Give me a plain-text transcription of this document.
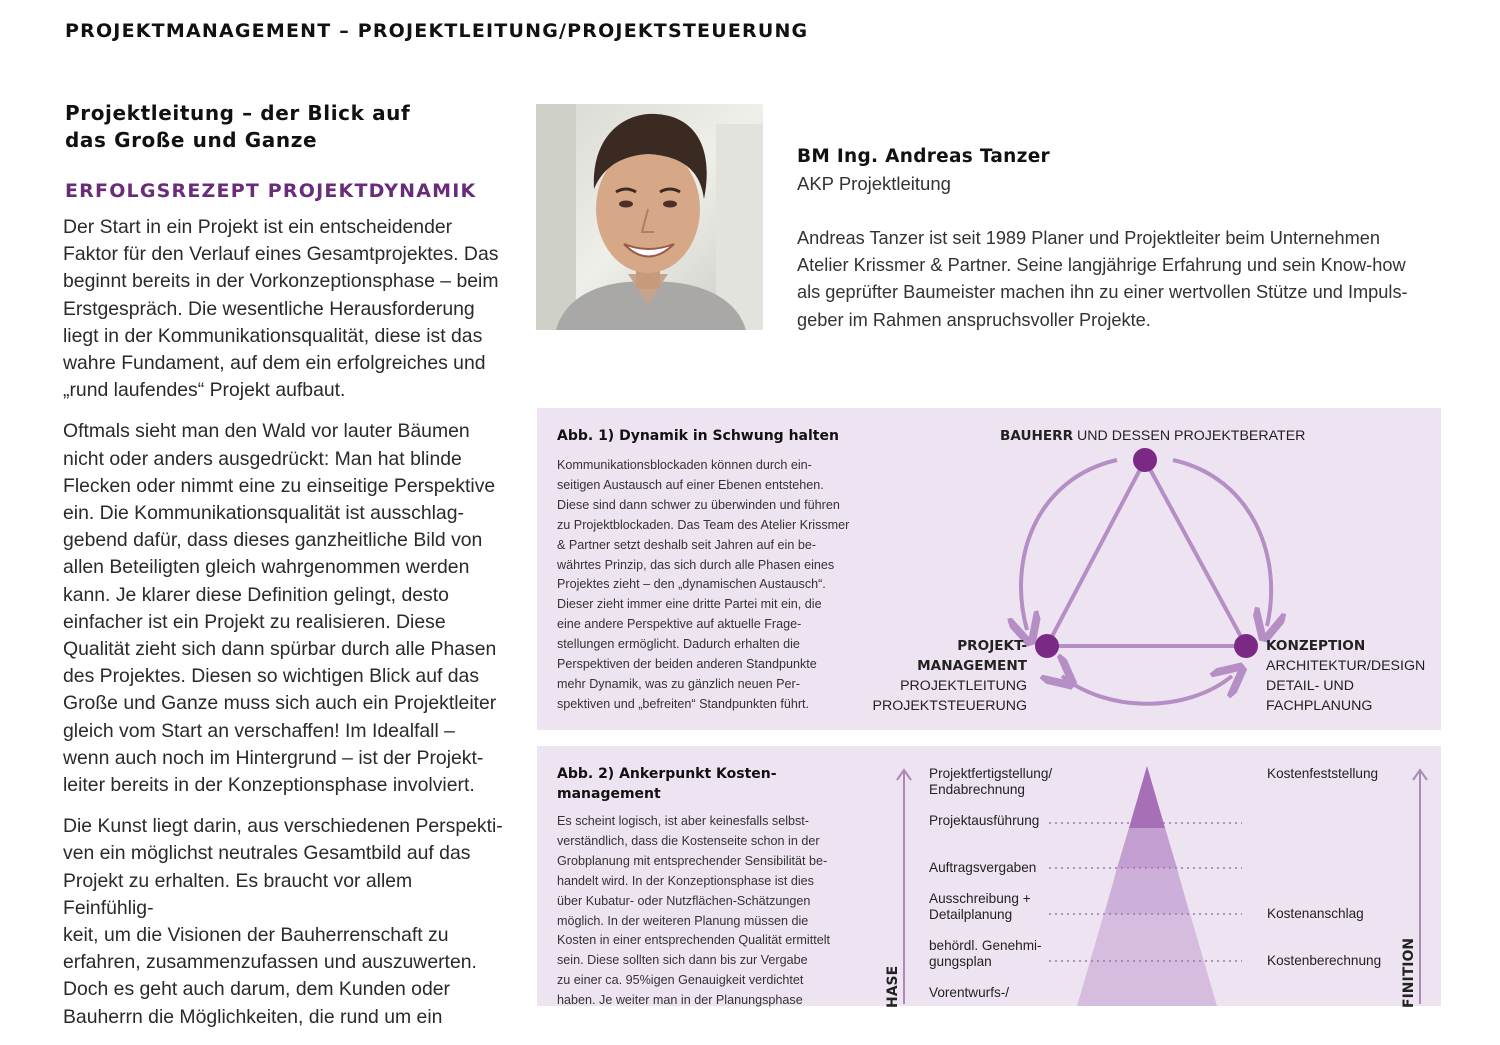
PROJEKTMANAGEMENT – PROJEKTLEITUNG/PROJEKTSTEUERUNG
Projektleitung – der Blick auf
das Große und Ganze
ERFOLGSREZEPT PROJEKTDYNAMIK

Der Start in ein Projekt ist ein entscheidender
Faktor für den Verlauf eines Gesamtprojektes. Das
beginnt bereits in der Vorkonzeptionsphase – beim
Erstgespräch. Die wesentliche Herausforderung
liegt in der Kommunikationsqualität, diese ist das
wahre Fundament, auf dem ein erfolgreiches und
„rund laufendes“ Projekt aufbaut.

Oftmals sieht man den Wald vor lauter Bäumen
nicht oder anders ausgedrückt: Man hat blinde
Flecken oder nimmt eine zu einseitige Perspektive
ein. Die Kommunikationsqualität ist ausschlag-
gebend dafür, dass dieses ganzheitliche Bild von
allen Beteiligten gleich wahrgenommen werden
kann. Je klarer diese Definition gelingt, desto
einfacher ist ein Projekt zu realisieren. Diese
Qualität zieht sich dann spürbar durch alle Phasen
des Projektes. Diesen so wichtigen Blick auf das
Große und Ganze muss sich auch ein Projektleiter
gleich vom Start an verschaffen! Im Idealfall –
wenn auch noch im Hintergrund – ist der Projekt-
leiter bereits in der Konzeptionsphase involviert.

Die Kunst liegt darin, aus verschiedenen Perspekti-
ven ein möglichst neutrales Gesamtbild auf das
Projekt zu erhalten. Es braucht vor allem Feinfühlig-
keit, um die Visionen der Bauherrenschaft zu
erfahren, zusammenzufassen und auszuwerten.
Doch es geht auch darum, dem Kunden oder
Bauherrn die Möglichkeiten, die rund um ein

BM Ing. Andreas Tanzer
AKP Projektleitung
Andreas Tanzer ist seit 1989 Planer und Projektleiter beim Unternehmen
Atelier Krissmer & Partner. Seine langjährige Erfahrung und sein Know-how
als geprüfter Baumeister machen ihn zu einer wertvollen Stütze und Impuls-
geber im Rahmen anspruchsvoller Projekte.
Abb. 1) Dynamik in Schwung halten
Kommunikationsblockaden können durch ein-
seitigen Austausch auf einer Ebenen entstehen.
Diese sind dann schwer zu überwinden und führen
zu Projektblockaden. Das Team des Atelier Krissmer
& Partner setzt deshalb seit Jahren auf ein be-
währtes Prinzip, das sich durch alle Phasen eines
Projektes zieht – den „dynamischen Austausch“.
Dieser zieht immer eine dritte Partei mit ein, die
eine andere Perspektive auf aktuelle Frage-
stellungen ermöglicht. Dadurch erhalten die
Perspektiven der beiden anderen Standpunkte
mehr Dynamik, was zu gänzlich neuen Per-
spektiven und „befreiten“ Standpunkten führt.
BAUHERR UND DESSEN PROJEKTBERATER
PROJEKT-
MANAGEMENT
PROJEKTLEITUNG
PROJEKTSTEUERUNG
KONZEPTION
ARCHITEKTUR/DESIGN
DETAIL- UND
FACHPLANUNG
Abb. 2) Ankerpunkt Kosten-
management
Es scheint logisch, ist aber keinesfalls selbst-
verständlich, dass die Kostenseite schon in der
Grobplanung mit entsprechender Sensibilität be-
handelt wird. In der Konzeptionsphase ist dies
über Kubatur- oder Nutzflächen-Schätzungen
möglich. In der weiteren Planung müssen die
Kosten in einer entsprechenden Qualität ermittelt
sein. Diese sollten sich dann bis zur Vergabe
zu einer ca. 95%igen Genauigkeit verdichtet
haben. Je weiter man in der Planungsphase
Projektfertigstellung/
Endabrechnung
Projektausführung
Auftragsvergaben
Ausschreibung +
Detailplanung
behördl. Genehmi-
gungsplan
Vorentwurfs-/
Kostenfeststellung
Kostenanschlag
Kostenberechnung
HASE	FINITION
